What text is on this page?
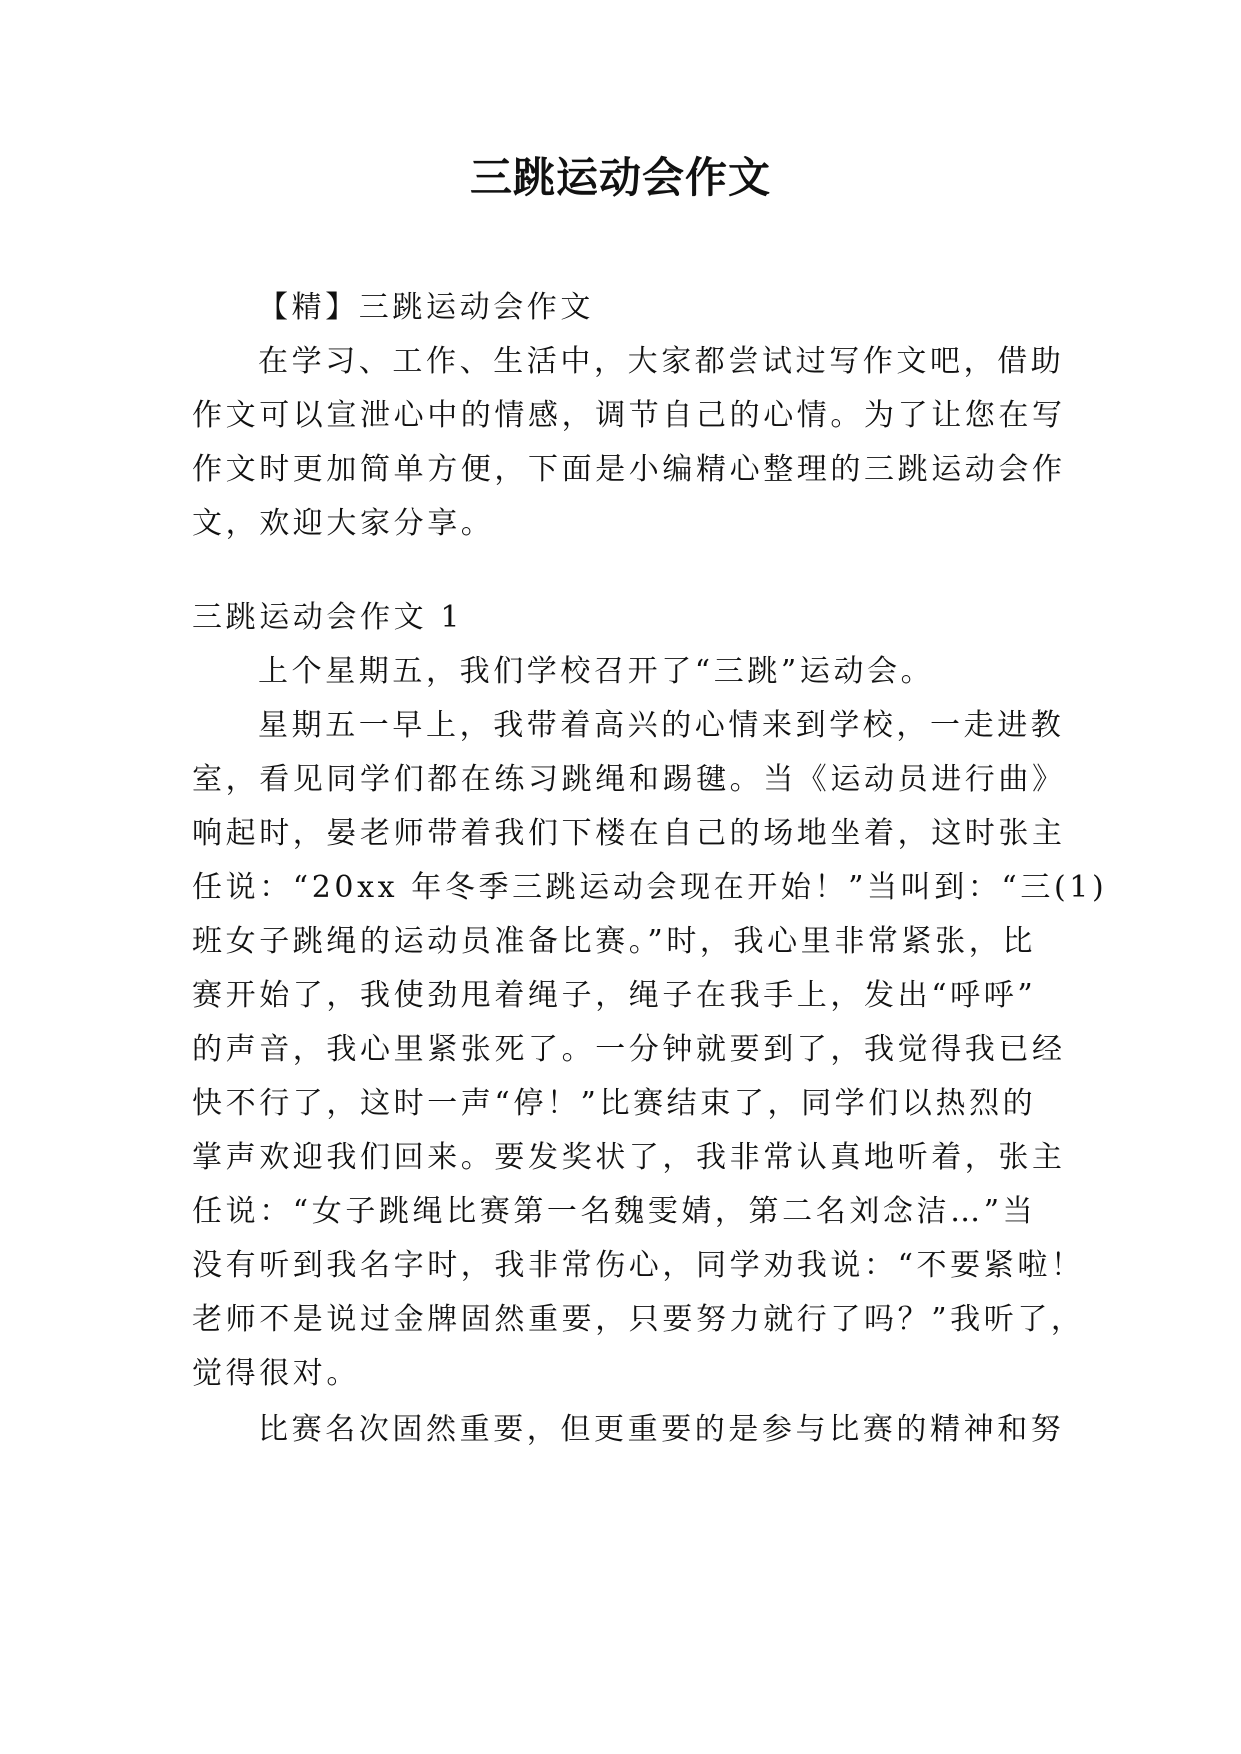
三跳运动会作文
【精】三跳运动会作文
在学习、工作、生活中，大家都尝试过写作文吧，借助
作文可以宣泄心中的情感，调节自己的心情。为了让您在写
作文时更加简单方便，下面是小编精心整理的三跳运动会作
文，欢迎大家分享。
三跳运动会作文 1
上个星期五，我们学校召开了“三跳”运动会。
星期五一早上，我带着高兴的心情来到学校，一走进教
室，看见同学们都在练习跳绳和踢毽。当《运动员进行曲》
响起时，晏老师带着我们下楼在自己的场地坐着，这时张主
任说：“20xx 年冬季三跳运动会现在开始！”当叫到：“三(1)
班女子跳绳的运动员准备比赛。”时，我心里非常紧张，比
赛开始了，我使劲甩着绳子，绳子在我手上，发出“呼呼”
的声音，我心里紧张死了。一分钟就要到了，我觉得我已经
快不行了，这时一声“停！”比赛结束了，同学们以热烈的
掌声欢迎我们回来。要发奖状了，我非常认真地听着，张主
任说：“女子跳绳比赛第一名魏雯婧，第二名刘念洁…”当
没有听到我名字时，我非常伤心，同学劝我说：“不要紧啦！
老师不是说过金牌固然重要，只要努力就行了吗？”我听了，
觉得很对。
比赛名次固然重要，但更重要的是参与比赛的精神和努
